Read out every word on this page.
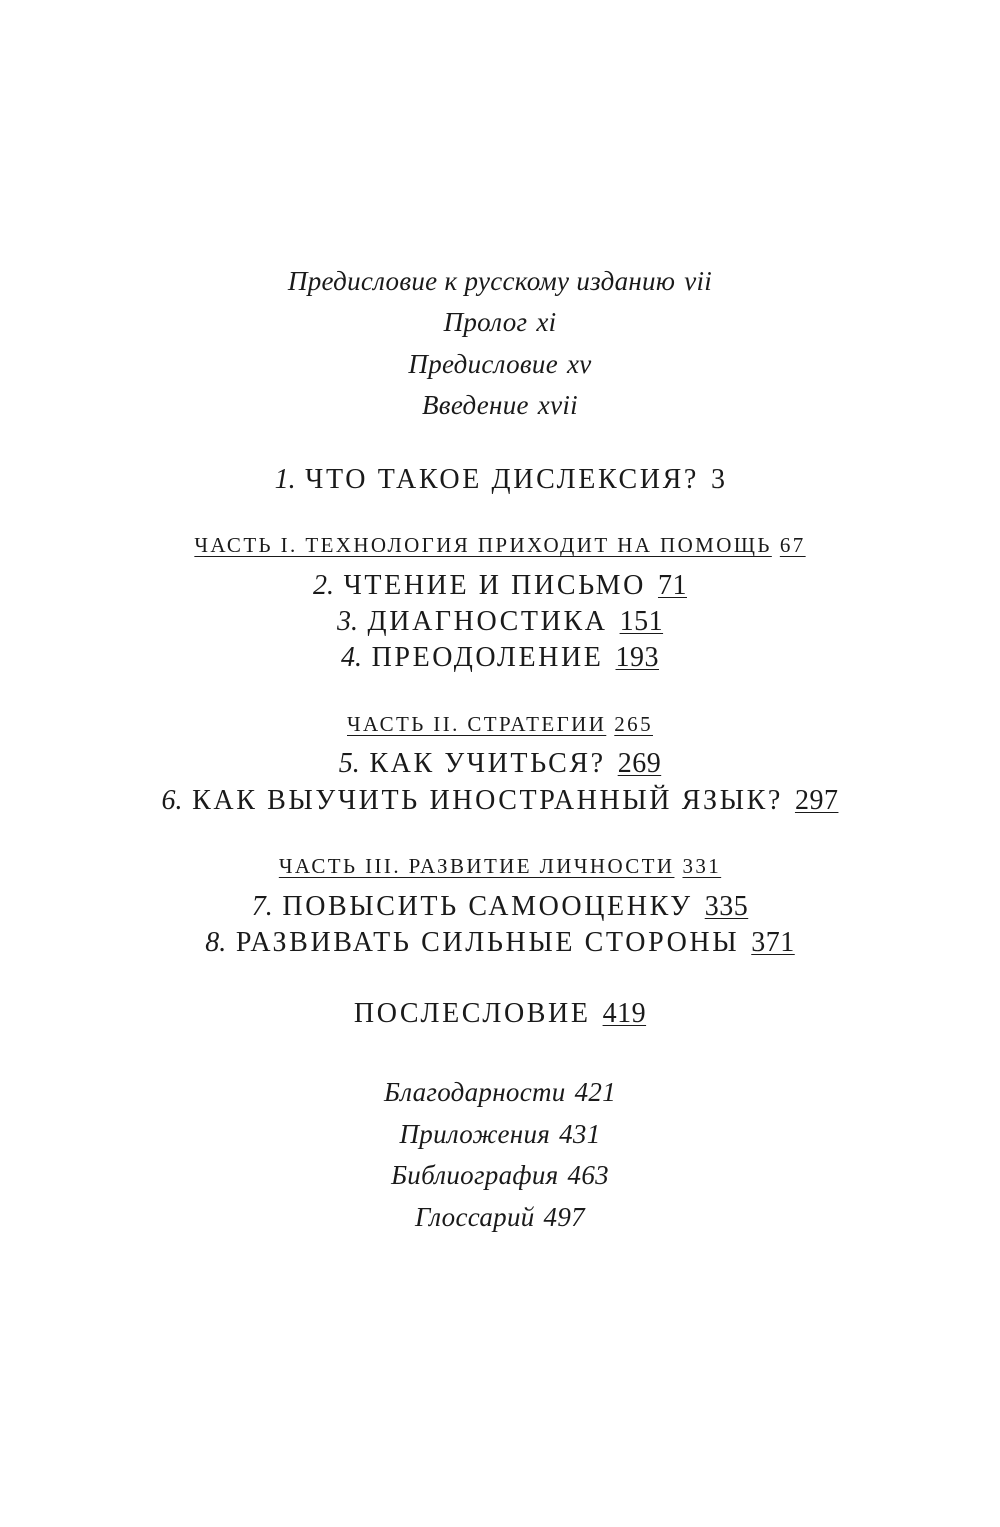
Предисловие к русскому изданию vii
Пролог xi
Предисловие xv
Введение xvii
1. ЧТО ТАКОЕ ДИСЛЕКСИЯ? 3
ЧАСТЬ I. ТЕХНОЛОГИЯ ПРИХОДИТ НА ПОМОЩЬ 67
2. ЧТЕНИЕ И ПИСЬМО 71
3. ДИАГНОСТИКА 151
4. ПРЕОДОЛЕНИЕ 193
ЧАСТЬ II. СТРАТЕГИИ 265
5. КАК УЧИТЬСЯ? 269
6. КАК ВЫУЧИТЬ ИНОСТРАННЫЙ ЯЗЫК? 297
ЧАСТЬ III. РАЗВИТИЕ ЛИЧНОСТИ 331
7. ПОВЫСИТЬ САМООЦЕНКУ 335
8. РАЗВИВАТЬ СИЛЬНЫЕ СТОРОНЫ 371
ПОСЛЕСЛОВИЕ 419
Благодарности 421
Приложения 431
Библиография 463
Глоссарий 497
